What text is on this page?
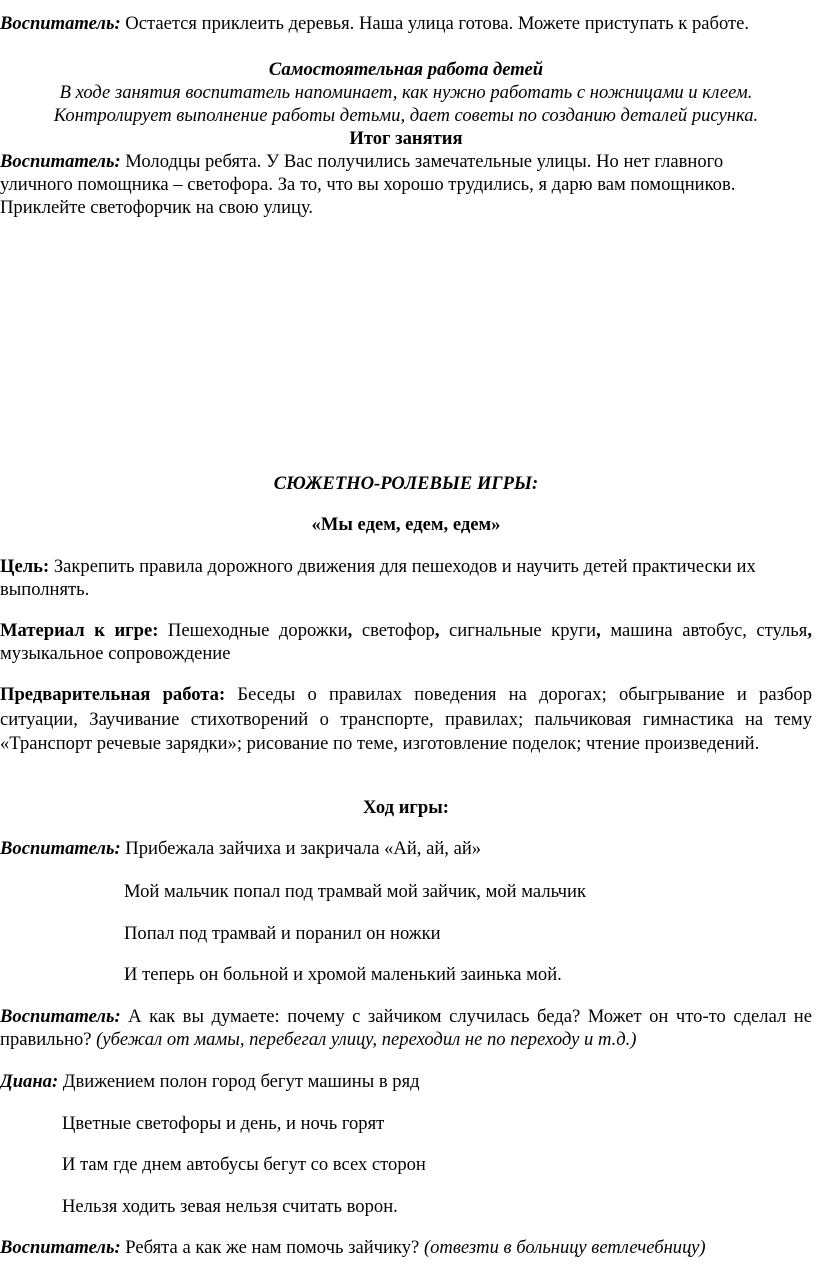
Воспитатель: Остается приклеить деревья. Наша улица готова. Можете приступать к работе.

Самостоятельная работа детей

В ходе занятия воспитатель напоминает, как нужно работать с ножницами и клеем.

Контролирует выполнение работы детьми, дает советы по созданию деталей рисунка.

Итог занятия

Воспитатель: Молодцы ребята. У Вас получились замечательные улицы. Но нет главного уличного помощника – светофора. За то, что вы хорошо трудились, я дарю вам помощников. Приклейте светофорчик на свою улицу.

СЮЖЕТНО-РОЛЕВЫЕ ИГРЫ:

«Мы едем, едем, едем»

Цель: Закрепить правила дорожного движения для пешеходов и научить детей практически их выполнять.

Материал к игре: Пешеходные дорожки, светофор, сигнальные круги, машина автобус, стулья, музыкальное сопровождение

Предварительная работа: Беседы о правилах поведения на дорогах; обыгрывание и разбор ситуации, Заучивание стихотворений о транспорте, правилах; пальчиковая гимнастика на тему «Транспорт речевые зарядки»; рисование по теме, изготовление поделок; чтение произведений.

Ход игры:

Воспитатель: Прибежала зайчиха и закричала «Ай, ай, ай»

Мой мальчик попал под трамвай мой зайчик, мой мальчик

Попал под трамвай и поранил он ножки

И теперь он больной и хромой маленький заинька мой.

Воспитатель: А как вы думаете: почему с зайчиком случилась беда? Может он что-то сделал не правильно? (убежал от мамы, перебегал улицу, переходил не по переходу и т.д.)

Диана: Движением полон город бегут машины в ряд

Цветные светофоры и день, и ночь горят

И там где днем автобусы бегут со всех сторон

Нельзя ходить зевая нельзя считать ворон.

Воспитатель: Ребята а как же нам помочь зайчику? (отвезти в больницу ветлечебницу)
